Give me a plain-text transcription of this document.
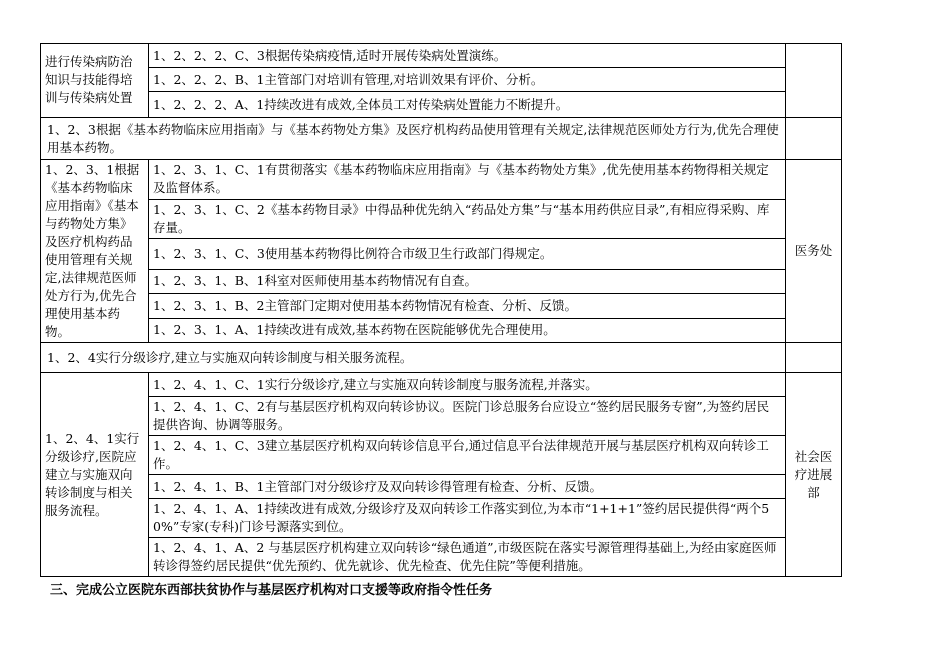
进行传染病防治知识与技能得培训与传染病处置	1、2、2、2、C、3根据传染病疫情,适时开展传染病处置演练。	
	1、2、2、2、B、1主管部门对培训有管理,对培训效果有评价、分析。	
	1、2、2、2、A、1持续改进有成效,全体员工对传染病处置能力不断提升。	
1、2、3根据《基本药物临床应用指南》与《基本药物处方集》及医疗机构药品使用管理有关规定,法律规范医师处方行为,优先合理使用基本药物。		
1、2、3、1根据《基本药物临床应用指南》《基本与药物处方集》及医疗机构药品使用管理有关规定,法律规范医师处方行为,优先合理使用基本药物。	1、2、3、1、C、1有贯彻落实《基本药物临床应用指南》与《基本药物处方集》,优先使用基本药物得相关规定及监督体系。	医务处
	1、2、3、1、C、2《基本药物目录》中得品种优先纳入“药品处方集”与“基本用药供应目录”,有相应得采购、库存量。	
	1、2、3、1、C、3使用基本药物得比例符合市级卫生行政部门得规定。	
	1、2、3、1、B、1科室对医师使用基本药物情况有自查。	
	1、2、3、1、B、2主管部门定期对使用基本药物情况有检查、分析、反馈。	
	1、2、3、1、A、1持续改进有成效,基本药物在医院能够优先合理使用。	
1、2、4实行分级诊疗,建立与实施双向转诊制度与相关服务流程。		
1、2、4、1实行分级诊疗,医院应建立与实施双向转诊制度与相关服务流程。	1、2、4、1、C、1实行分级诊疗,建立与实施双向转诊制度与服务流程,并落实。	社会医疗进展部
	1、2、4、1、C、2有与基层医疗机构双向转诊协议。医院门诊总服务台应设立“签约居民服务专窗”,为签约居民提供咨询、协调等服务。	
	1、2、4、1、C、3建立基层医疗机构双向转诊信息平台,通过信息平台法律规范开展与基层医疗机构双向转诊工作。	
	1、2、4、1、B、1主管部门对分级诊疗及双向转诊得管理有检查、分析、反馈。	
	1、2、4、1、A、1持续改进有成效,分级诊疗及双向转诊工作落实到位,为本市“1+1+1”签约居民提供得“两个50%”专家(专科)门诊号源落实到位。	
	1、2、4、1、A、2 与基层医疗机构建立双向转诊“绿色通道”,市级医院在落实号源管理得基础上,为经由家庭医师转诊得签约居民提供“优先预约、优先就诊、优先检查、优先住院”等便利措施。	
三、完成公立医院东西部扶贫协作与基层医疗机构对口支援等政府指令性任务
